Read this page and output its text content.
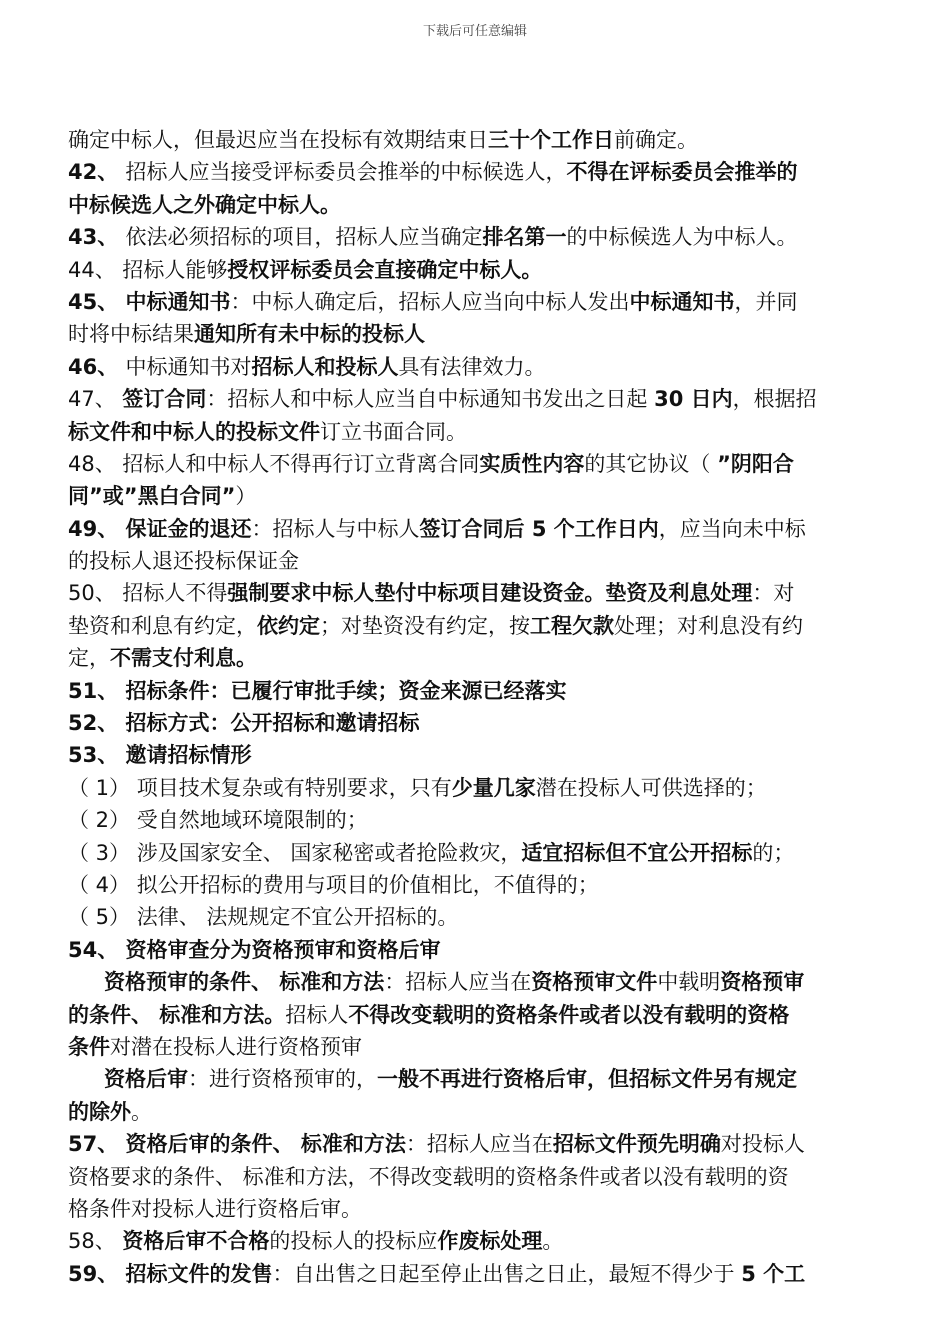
下载后可任意编辑
确定中标人，但最迟应当在投标有效期结束日三十个工作日前确定。
42、 招标人应当接受评标委员会推举的中标候选人，不得在评标委员会推举的
中标候选人之外确定中标人。
43、 依法必须招标的项目，招标人应当确定排名第一的中标候选人为中标人。
44、 招标人能够授权评标委员会直接确定中标人。
45、 中标通知书：中标人确定后，招标人应当向中标人发出中标通知书，并同
时将中标结果通知所有未中标的投标人
46、 中标通知书对招标人和投标人具有法律效力。
47、 签订合同：招标人和中标人应当自中标通知书发出之日起 30 日内，根据招
标文件和中标人的投标文件订立书面合同。
48、 招标人和中标人不得再行订立背离合同实质性内容的其它协议（ ”阴阳合
同”或”黑白合同”）
49、 保证金的退还：招标人与中标人签订合同后 5 个工作日内，应当向未中标
的投标人退还投标保证金
50、 招标人不得强制要求中标人垫付中标项目建设资金。垫资及利息处理：对
垫资和利息有约定，依约定；对垫资没有约定，按工程欠款处理；对利息没有约
定，不需支付利息。
51、 招标条件：已履行审批手续；资金来源已经落实
52、 招标方式：公开招标和邀请招标
53、 邀请招标情形
（ 1） 项目技术复杂或有特别要求，只有少量几家潜在投标人可供选择的；
（ 2） 受自然地域环境限制的；
（ 3） 涉及国家安全、 国家秘密或者抢险救灾，适宜招标但不宜公开招标的；
（ 4） 拟公开招标的费用与项目的价值相比，不值得的；
（ 5） 法律、 法规规定不宜公开招标的。
54、 资格审查分为资格预审和资格后审
资格预审的条件、 标准和方法：招标人应当在资格预审文件中载明资格预审
的条件、 标准和方法。招标人不得改变载明的资格条件或者以没有载明的资格
条件对潜在投标人进行资格预审
资格后审：进行资格预审的，一般不再进行资格后审，但招标文件另有规定
的除外。
57、 资格后审的条件、 标准和方法：招标人应当在招标文件预先明确对投标人
资格要求的条件、 标准和方法，不得改变载明的资格条件或者以没有载明的资
格条件对投标人进行资格后审。
58、 资格后审不合格的投标人的投标应作废标处理。
59、 招标文件的发售：自出售之日起至停止出售之日止，最短不得少于 5 个工
